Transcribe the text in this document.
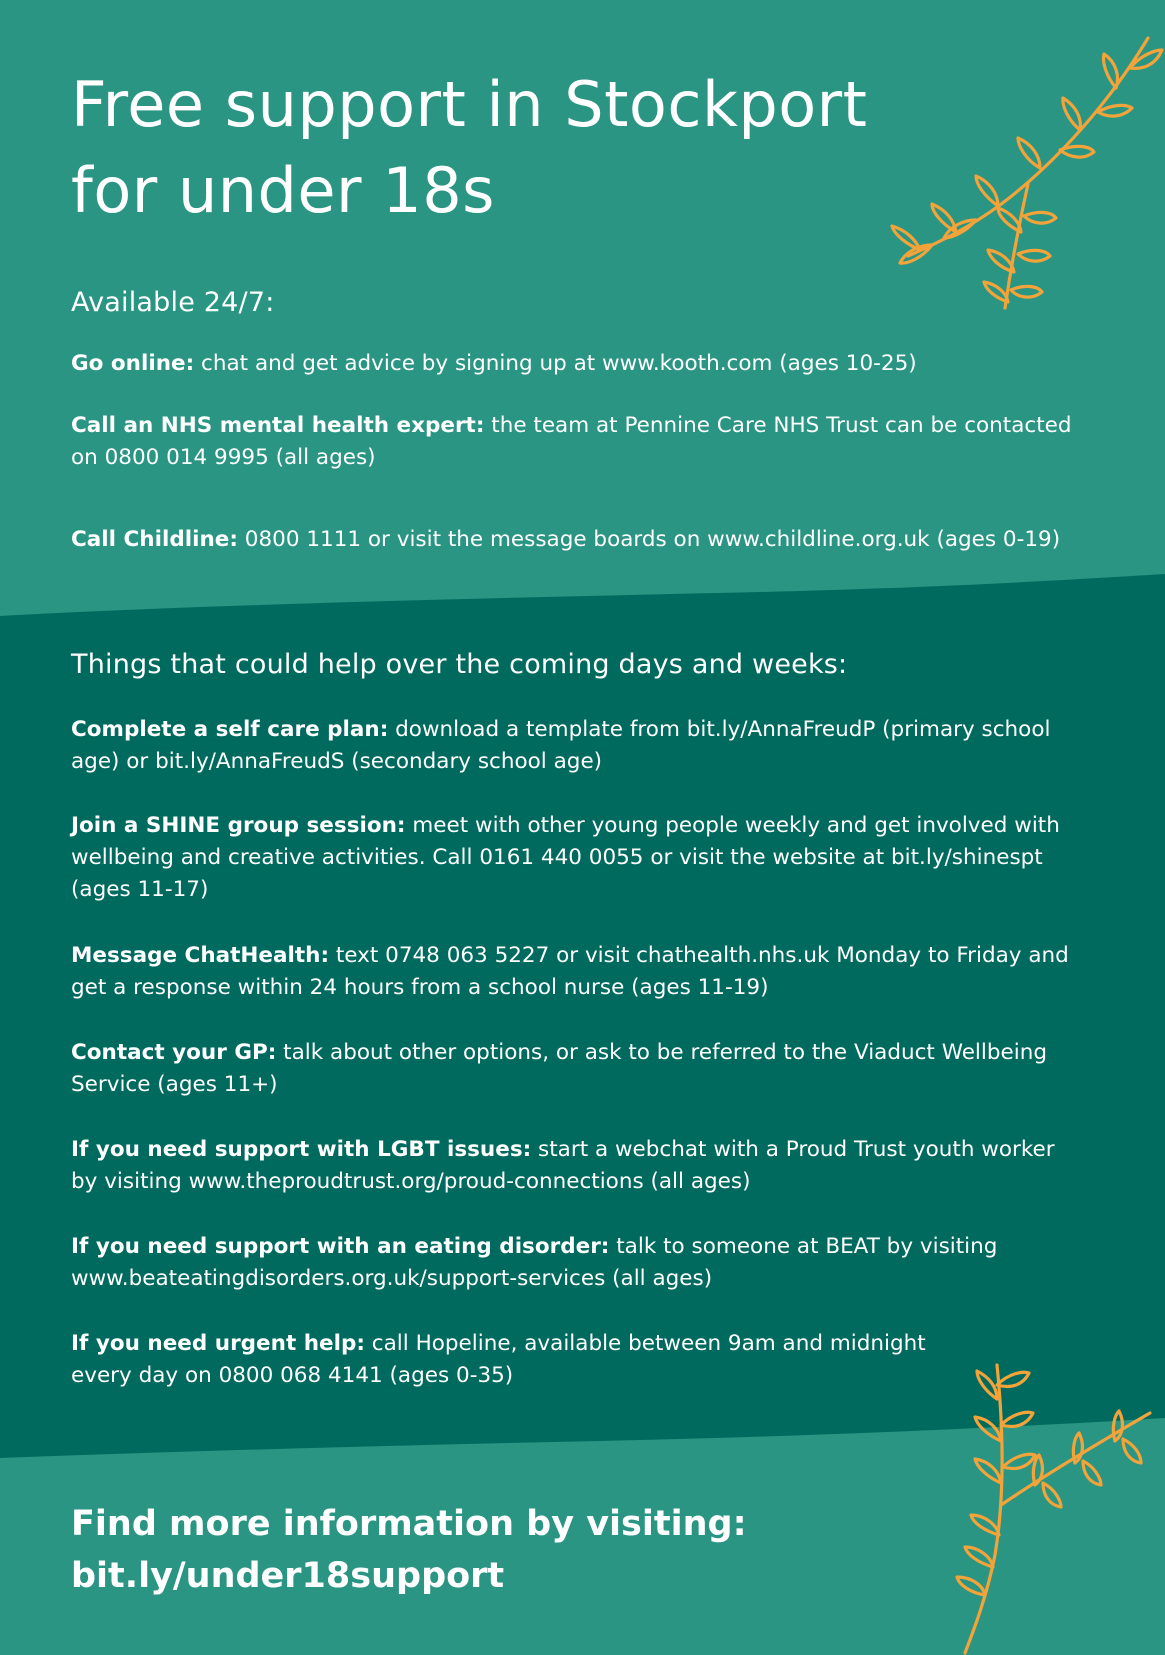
Free support in Stockport
for under 18s
Available 24/7:

Go online: chat and get advice by signing up at www.kooth.com (ages 10-25)

Call an NHS mental health expert: the team at Pennine Care NHS Trust can be contacted on 0800 014 9995 (all ages)

Call Childline: 0800 1111 or visit the message boards on www.childline.org.uk (ages 0-19)

Things that could help over the coming days and weeks:

Complete a self care plan: download a template from bit.ly/AnnaFreudP (primary school age) or bit.ly/AnnaFreudS (secondary school age)

Join a SHINE group session: meet with other young people weekly and get involved with wellbeing and creative activities. Call 0161 440 0055 or visit the website at bit.ly/shinespt (ages 11-17)

Message ChatHealth: text 0748 063 5227 or visit chathealth.nhs.uk Monday to Friday and get a response within 24 hours from a school nurse (ages 11-19)

Contact your GP: talk about other options, or ask to be referred to the Viaduct Wellbeing Service (ages 11+)

If you need support with LGBT issues: start a webchat with a Proud Trust youth worker by visiting www.theproudtrust.org/proud-connections (all ages)

If you need support with an eating disorder: talk to someone at BEAT by visiting www.beateatingdisorders.org.uk/support-services (all ages)

If you need urgent help: call Hopeline, available between 9am and midnight every day on 0800 068 4141 (ages 0-35)

Find more information by visiting:
bit.ly/under18support
